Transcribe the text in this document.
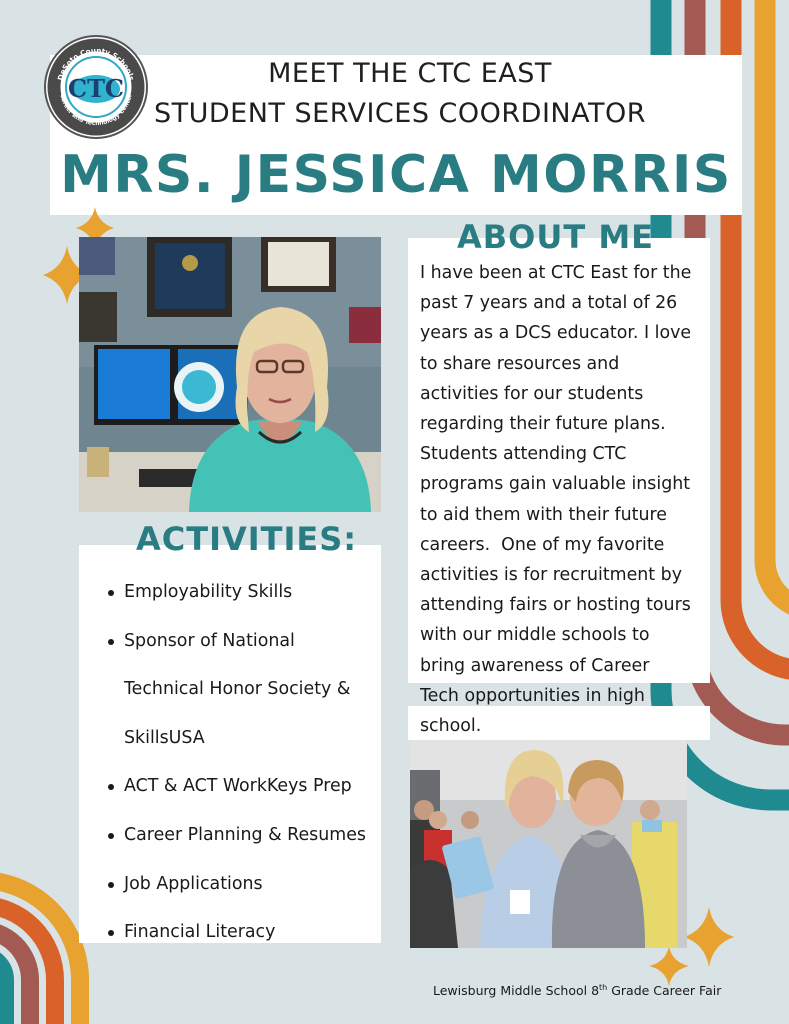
MEET THE CTC EAST
STUDENT SERVICES COORDINATOR
MRS. JESSICA MORRIS
DeSoto County Schools
Career and Technology Center
CTC
ABOUT ME
I have been at CTC East for the
past 7 years and a total of 26
years as a DCS educator. I love
to share resources and
activities for our students
regarding their future plans.
Students attending CTC
programs gain valuable insight
to aid them with their future
careers.  One of my favorite
activities is for recruitment by
attending fairs or hosting tours
with our middle schools to
bring awareness of Career
Tech opportunities in high
school.
ACTIVITIES:
Employability Skills
Sponsor of National
Technical Honor Society &
SkillsUSA
ACT & ACT WorkKeys Prep
Career Planning & Resumes
Job Applications
Financial Literacy
Lewisburg Middle School 8th Grade Career Fair
